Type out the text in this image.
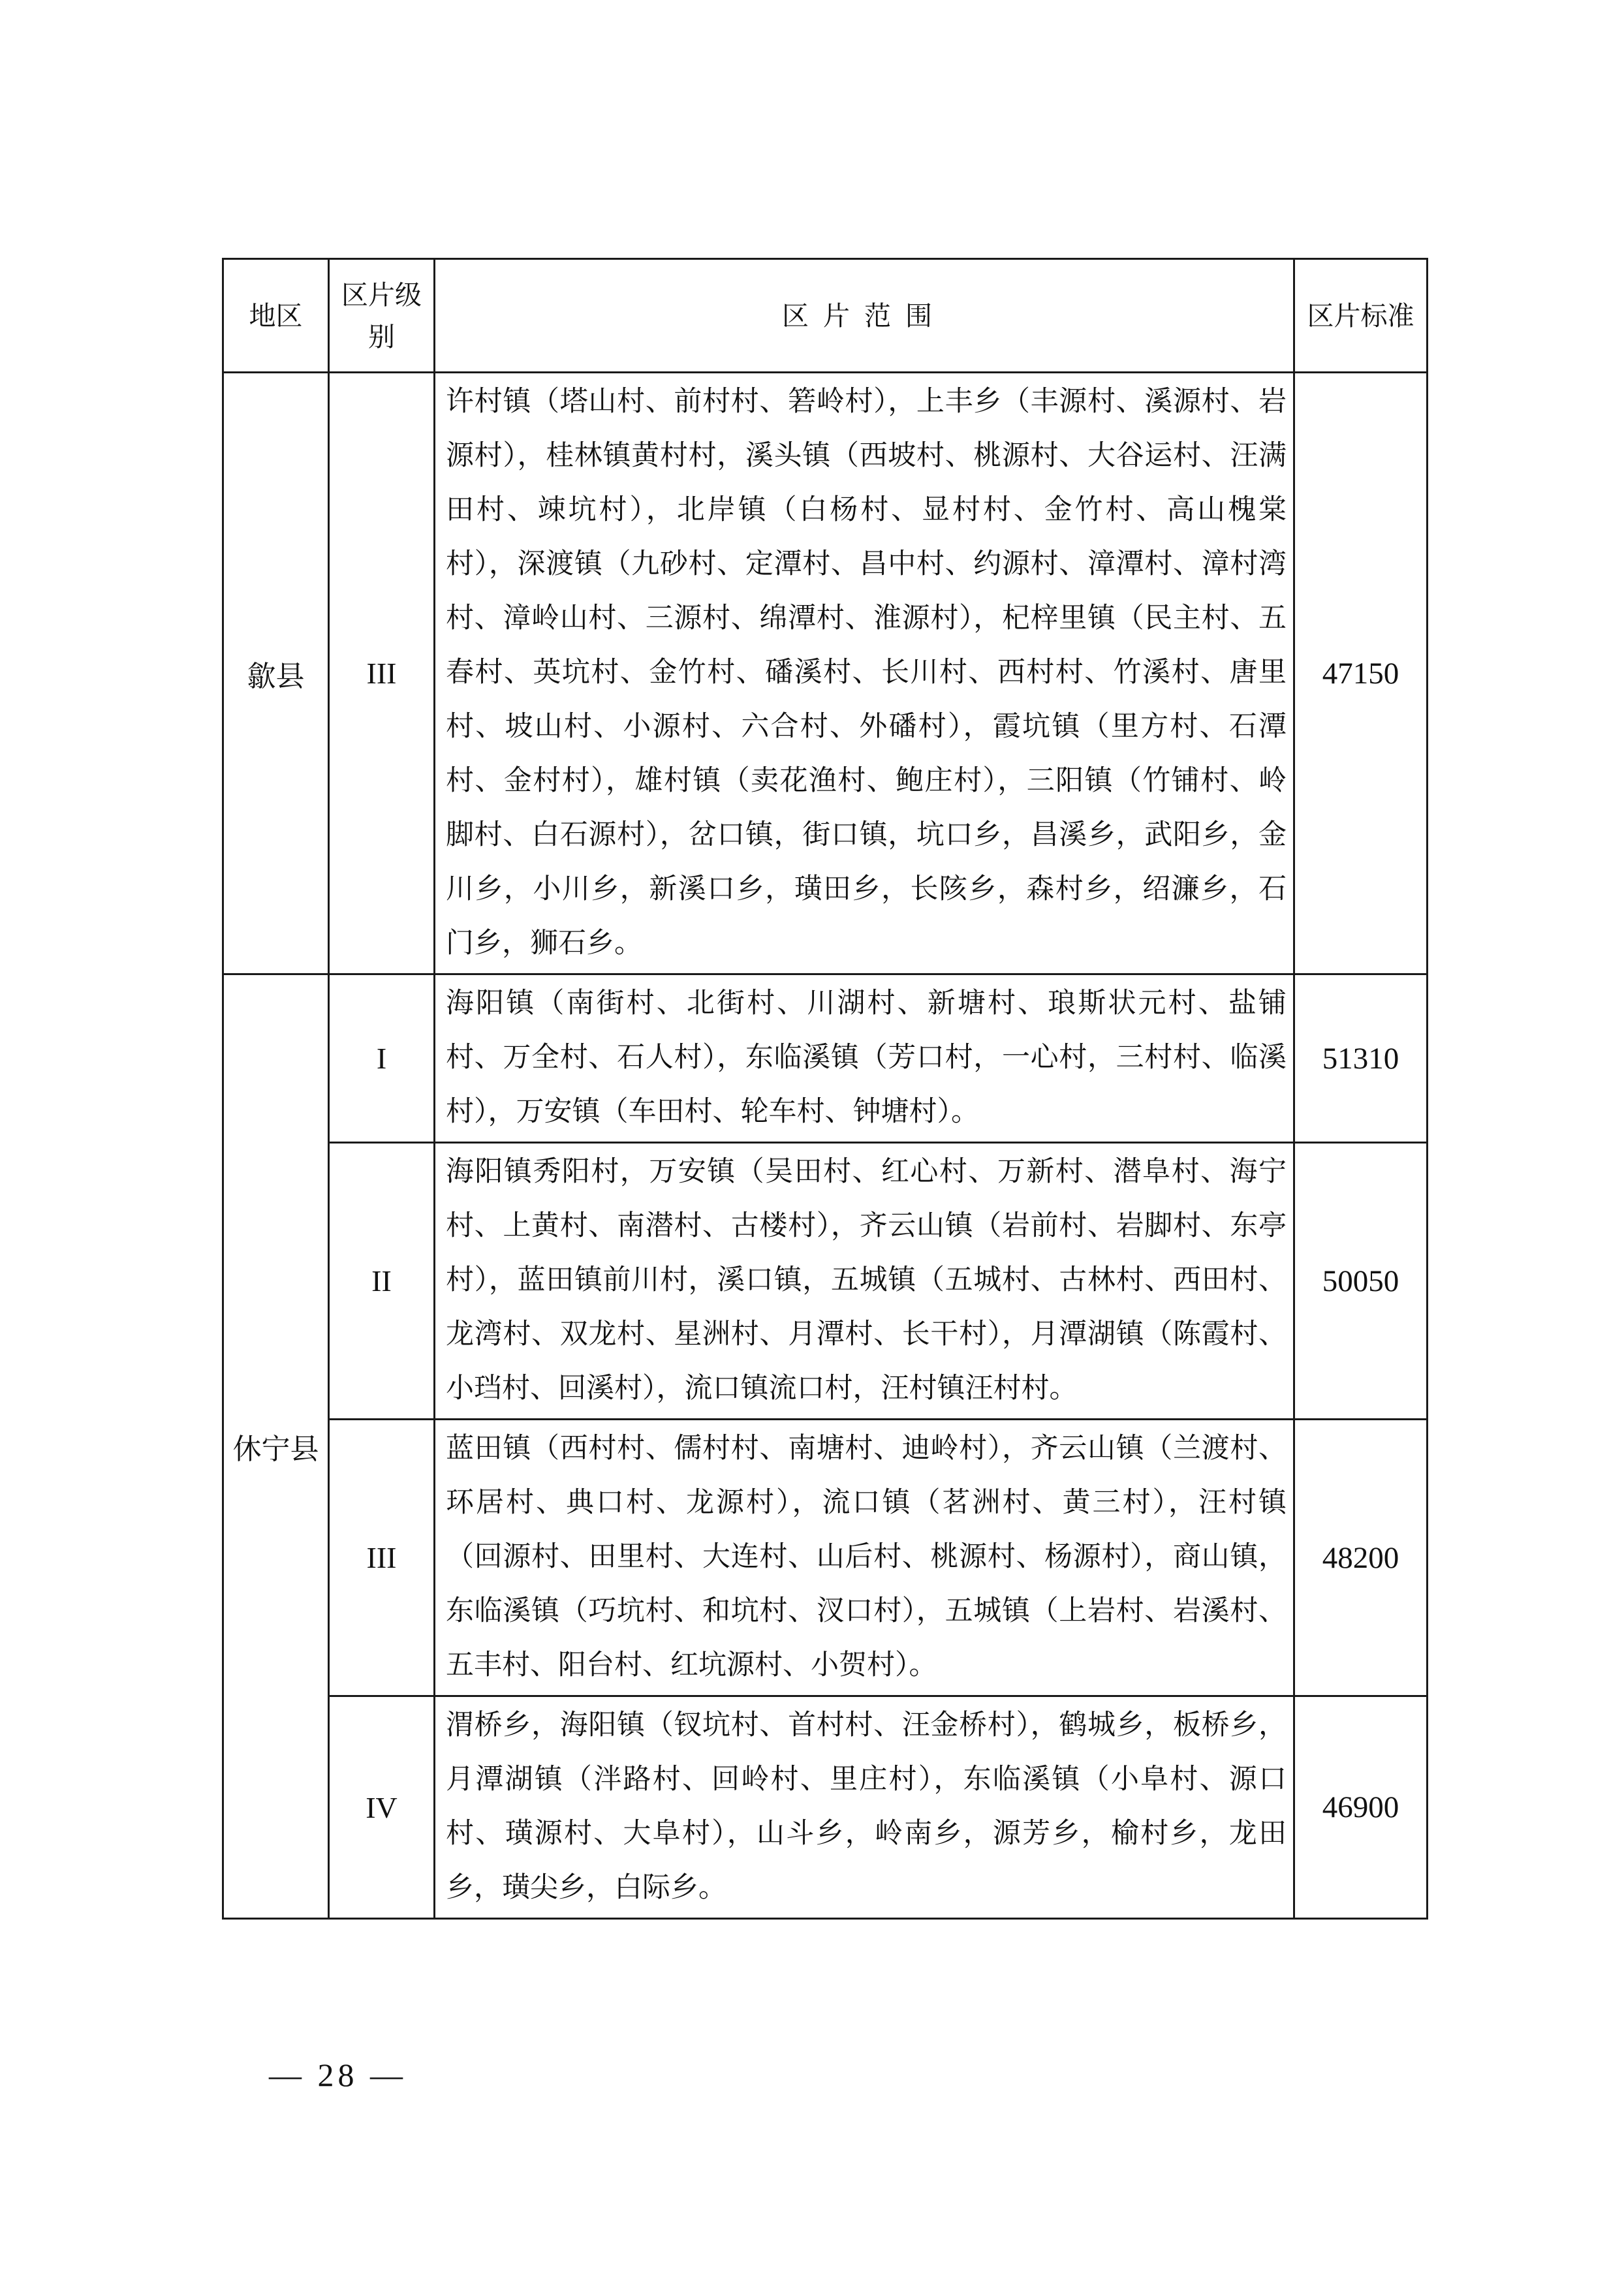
地区	区片级别	区片范围	区片标准
歙县	III	许村镇（塔山村、前村村、箬岭村），上丰乡（丰源村、溪源村、岩源村），桂林镇黄村村，溪头镇（西坡村、桃源村、大谷运村、汪满田村、竦坑村），北岸镇（白杨村、显村村、金竹村、高山槐棠村），深渡镇（九砂村、定潭村、昌中村、约源村、漳潭村、漳村湾村、漳岭山村、三源村、绵潭村、淮源村），杞梓里镇（民主村、五春村、英坑村、金竹村、磻溪村、长川村、西村村、竹溪村、唐里村、坡山村、小源村、六合村、外磻村），霞坑镇（里方村、石潭村、金村村），雄村镇（卖花渔村、鲍庄村），三阳镇（竹铺村、岭脚村、白石源村），岔口镇，街口镇，坑口乡，昌溪乡，武阳乡，金川乡，小川乡，新溪口乡，璜田乡，长陔乡，森村乡，绍濂乡，石门乡，狮石乡。	47150
休宁县	I	海阳镇（南街村、北街村、川湖村、新塘村、琅斯状元村、盐铺村、万全村、石人村），东临溪镇（芳口村，一心村，三村村、临溪村），万安镇（车田村、轮车村、钟塘村）。	51310
	II	海阳镇秀阳村，万安镇（吴田村、红心村、万新村、潜阜村、海宁村、上黄村、南潜村、古楼村），齐云山镇（岩前村、岩脚村、东亭村），蓝田镇前川村，溪口镇，五城镇（五城村、古林村、西田村、龙湾村、双龙村、星洲村、月潭村、长干村），月潭湖镇（陈霞村、小珰村、回溪村），流口镇流口村，汪村镇汪村村。	50050
	III	蓝田镇（西村村、儒村村、南塘村、迪岭村），齐云山镇（兰渡村、环居村、典口村、龙源村），流口镇（茗洲村、黄三村），汪村镇（回源村、田里村、大连村、山后村、桃源村、杨源村），商山镇，东临溪镇（巧坑村、和坑村、汊口村），五城镇（上岩村、岩溪村、五丰村、阳台村、红坑源村、小贺村）。	48200
	IV	渭桥乡，海阳镇（钗坑村、首村村、汪金桥村），鹤城乡，板桥乡，月潭湖镇（泮路村、回岭村、里庄村），东临溪镇（小阜村、源口村、璜源村、大阜村），山斗乡，岭南乡，源芳乡，榆村乡，龙田乡，璜尖乡，白际乡。	46900
— 28 —
